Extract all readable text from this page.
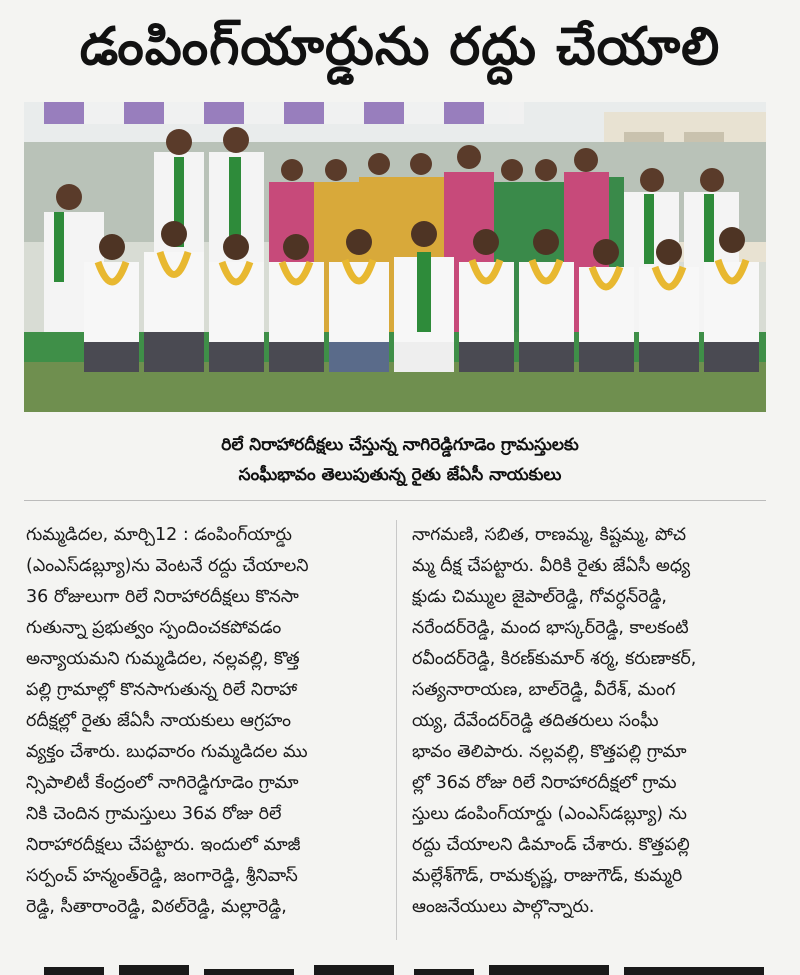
డంపింగ్‌యార్డును రద్దు చేయాలి
రిలే నిరాహారదీక్షలు చేస్తున్న నాగిరెడ్డిగూడెం గ్రామస్తులకు
సంఘీభావం తెలుపుతున్న రైతు జేఏసీ నాయకులు
గుమ్మడిదల, మార్చి12 : డంపింగ్‌యార్డు
(ఎంఎస్‌డబ్ల్యూ)ను వెంటనే రద్దు చేయాలని
36 రోజులుగా రిలే నిరాహారదీక్షలు కొనసా
గుతున్నా ప్రభుత్వం స్పందించకపోవడం
అన్యాయమని గుమ్మడిదల, నల్లవల్లి, కొత్త
పల్లి గ్రామాల్లో కొనసాగుతున్న రిలే నిరాహా
రదీక్షల్లో రైతు జేఏసీ నాయకులు ఆగ్రహం
వ్యక్తం చేశారు. బుధవారం గుమ్మడిదల ము
న్సిపాలిటీ కేంద్రంలో నాగిరెడ్డిగూడెం గ్రామా
నికి చెందిన గ్రామస్తులు 36వ రోజు రిలే
నిరాహారదీక్షలు చేపట్టారు. ఇందులో మాజీ
సర్పంచ్ హన్మంత్‌రెడ్డి, జంగారెడ్డి, శ్రీనివాస్
రెడ్డి, సీతారాంరెడ్డి, విఠల్‌రెడ్డి, మల్లారెడ్డి,
నాగమణి, సబిత, రాణమ్మ, కిష్టమ్మ, పోచ
మ్మ దీక్ష చేపట్టారు. వీరికి రైతు జేఏసీ అధ్య
క్షుడు చిమ్ముల జైపాల్‌రెడ్డి, గోవర్ధన్‌రెడ్డి,
నరేందర్‌రెడ్డి, మంద భాస్కర్‌రెడ్డి, కాలకంటి
రవీందర్‌రెడ్డి, కిరణ్‌కుమార్ శర్మ, కరుణాకర్,
సత్యనారాయణ, బాల్‌రెడ్డి, వీరేశ్, మంగ
య్య, దేవేందర్‌రెడ్డి తదితరులు సంఘీ
భావం తెలిపారు. నల్లవల్లి, కొత్తపల్లి గ్రామా
ల్లో 36వ రోజు రిలే నిరాహారదీక్షలో గ్రామ
స్తులు డంపింగ్‌యార్డు (ఎంఎస్‌డబ్ల్యూ) ను
రద్దు చేయాలని డిమాండ్ చేశారు. కొత్తపల్లి
మల్లేశ్‌గౌడ్, రామకృష్ణ, రాజుగౌడ్, కుమ్మరి
ఆంజనేయులు పాల్గొన్నారు.
